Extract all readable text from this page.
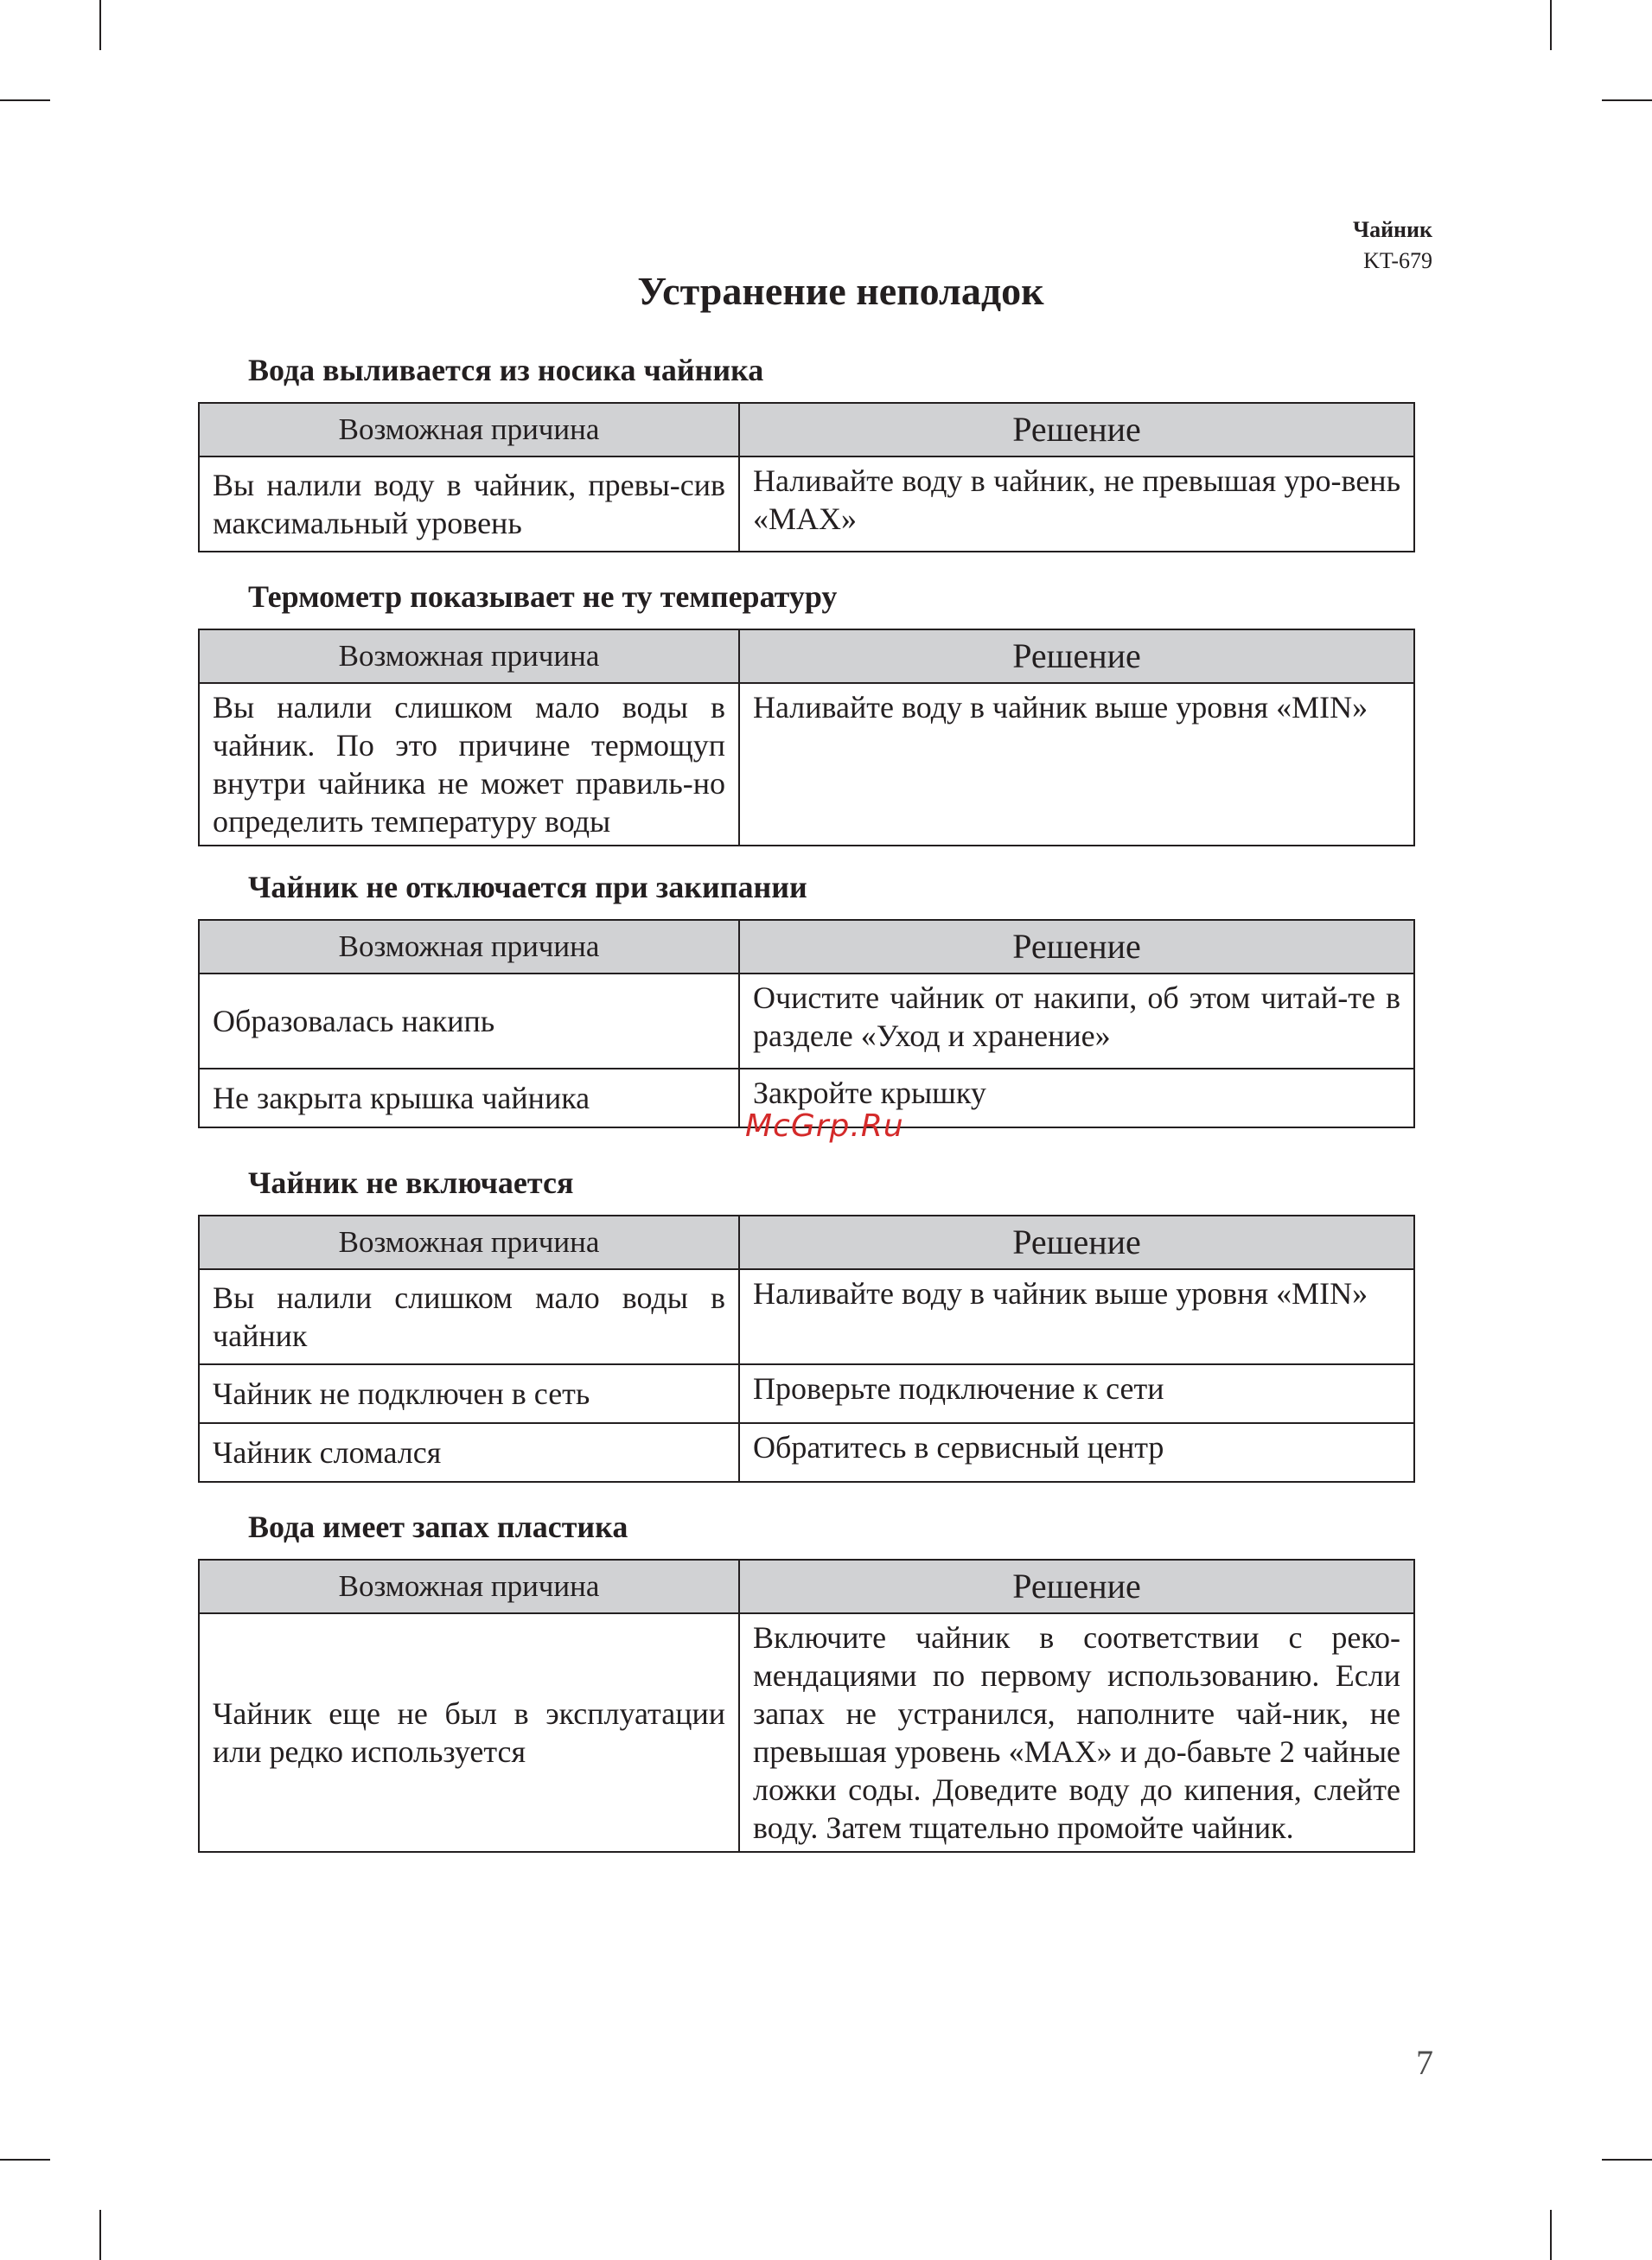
Чайник
KT-679
Устранение неполадок
Вода выливается из носика чайника
Возможная причина	Решение
Вы налили воду в чайник, превы-сив максимальный уровень	Наливайте воду в чайник, не превышая уро-вень «MAX»
Термометр показывает не ту температуру
Возможная причина	Решение
Вы налили слишком мало воды в чайник. По это причине термощуп внутри чайника не может правиль-но определить температуру воды	Наливайте воду в чайник выше уровня «MIN»
Чайник не отключается при закипании
Возможная причина	Решение
Образовалась накипь	Очистите чайник от накипи, об этом читай-те в разделе «Уход и хранение»
Не закрыта крышка чайника	Закройте крышку
Чайник не включается
Возможная причина	Решение
Вы налили слишком мало воды в чайник	Наливайте воду в чайник выше уровня «MIN»
Чайник не подключен в сеть	Проверьте подключение к сети
Чайник сломался	Обратитесь в сервисный центр
Вода имеет запах пластика
Возможная причина	Решение
Чайник еще не был в эксплуатации или редко используется	Включите чайник в соответствии с реко-мендациями по первому использованию. Если запах не устранился, наполните чай-ник, не превышая уровень «MAX» и до-бавьте 2 чайные ложки соды. Доведите воду до кипения, слейте воду. Затем тщательно промойте чайник.
McGrp.Ru
7
